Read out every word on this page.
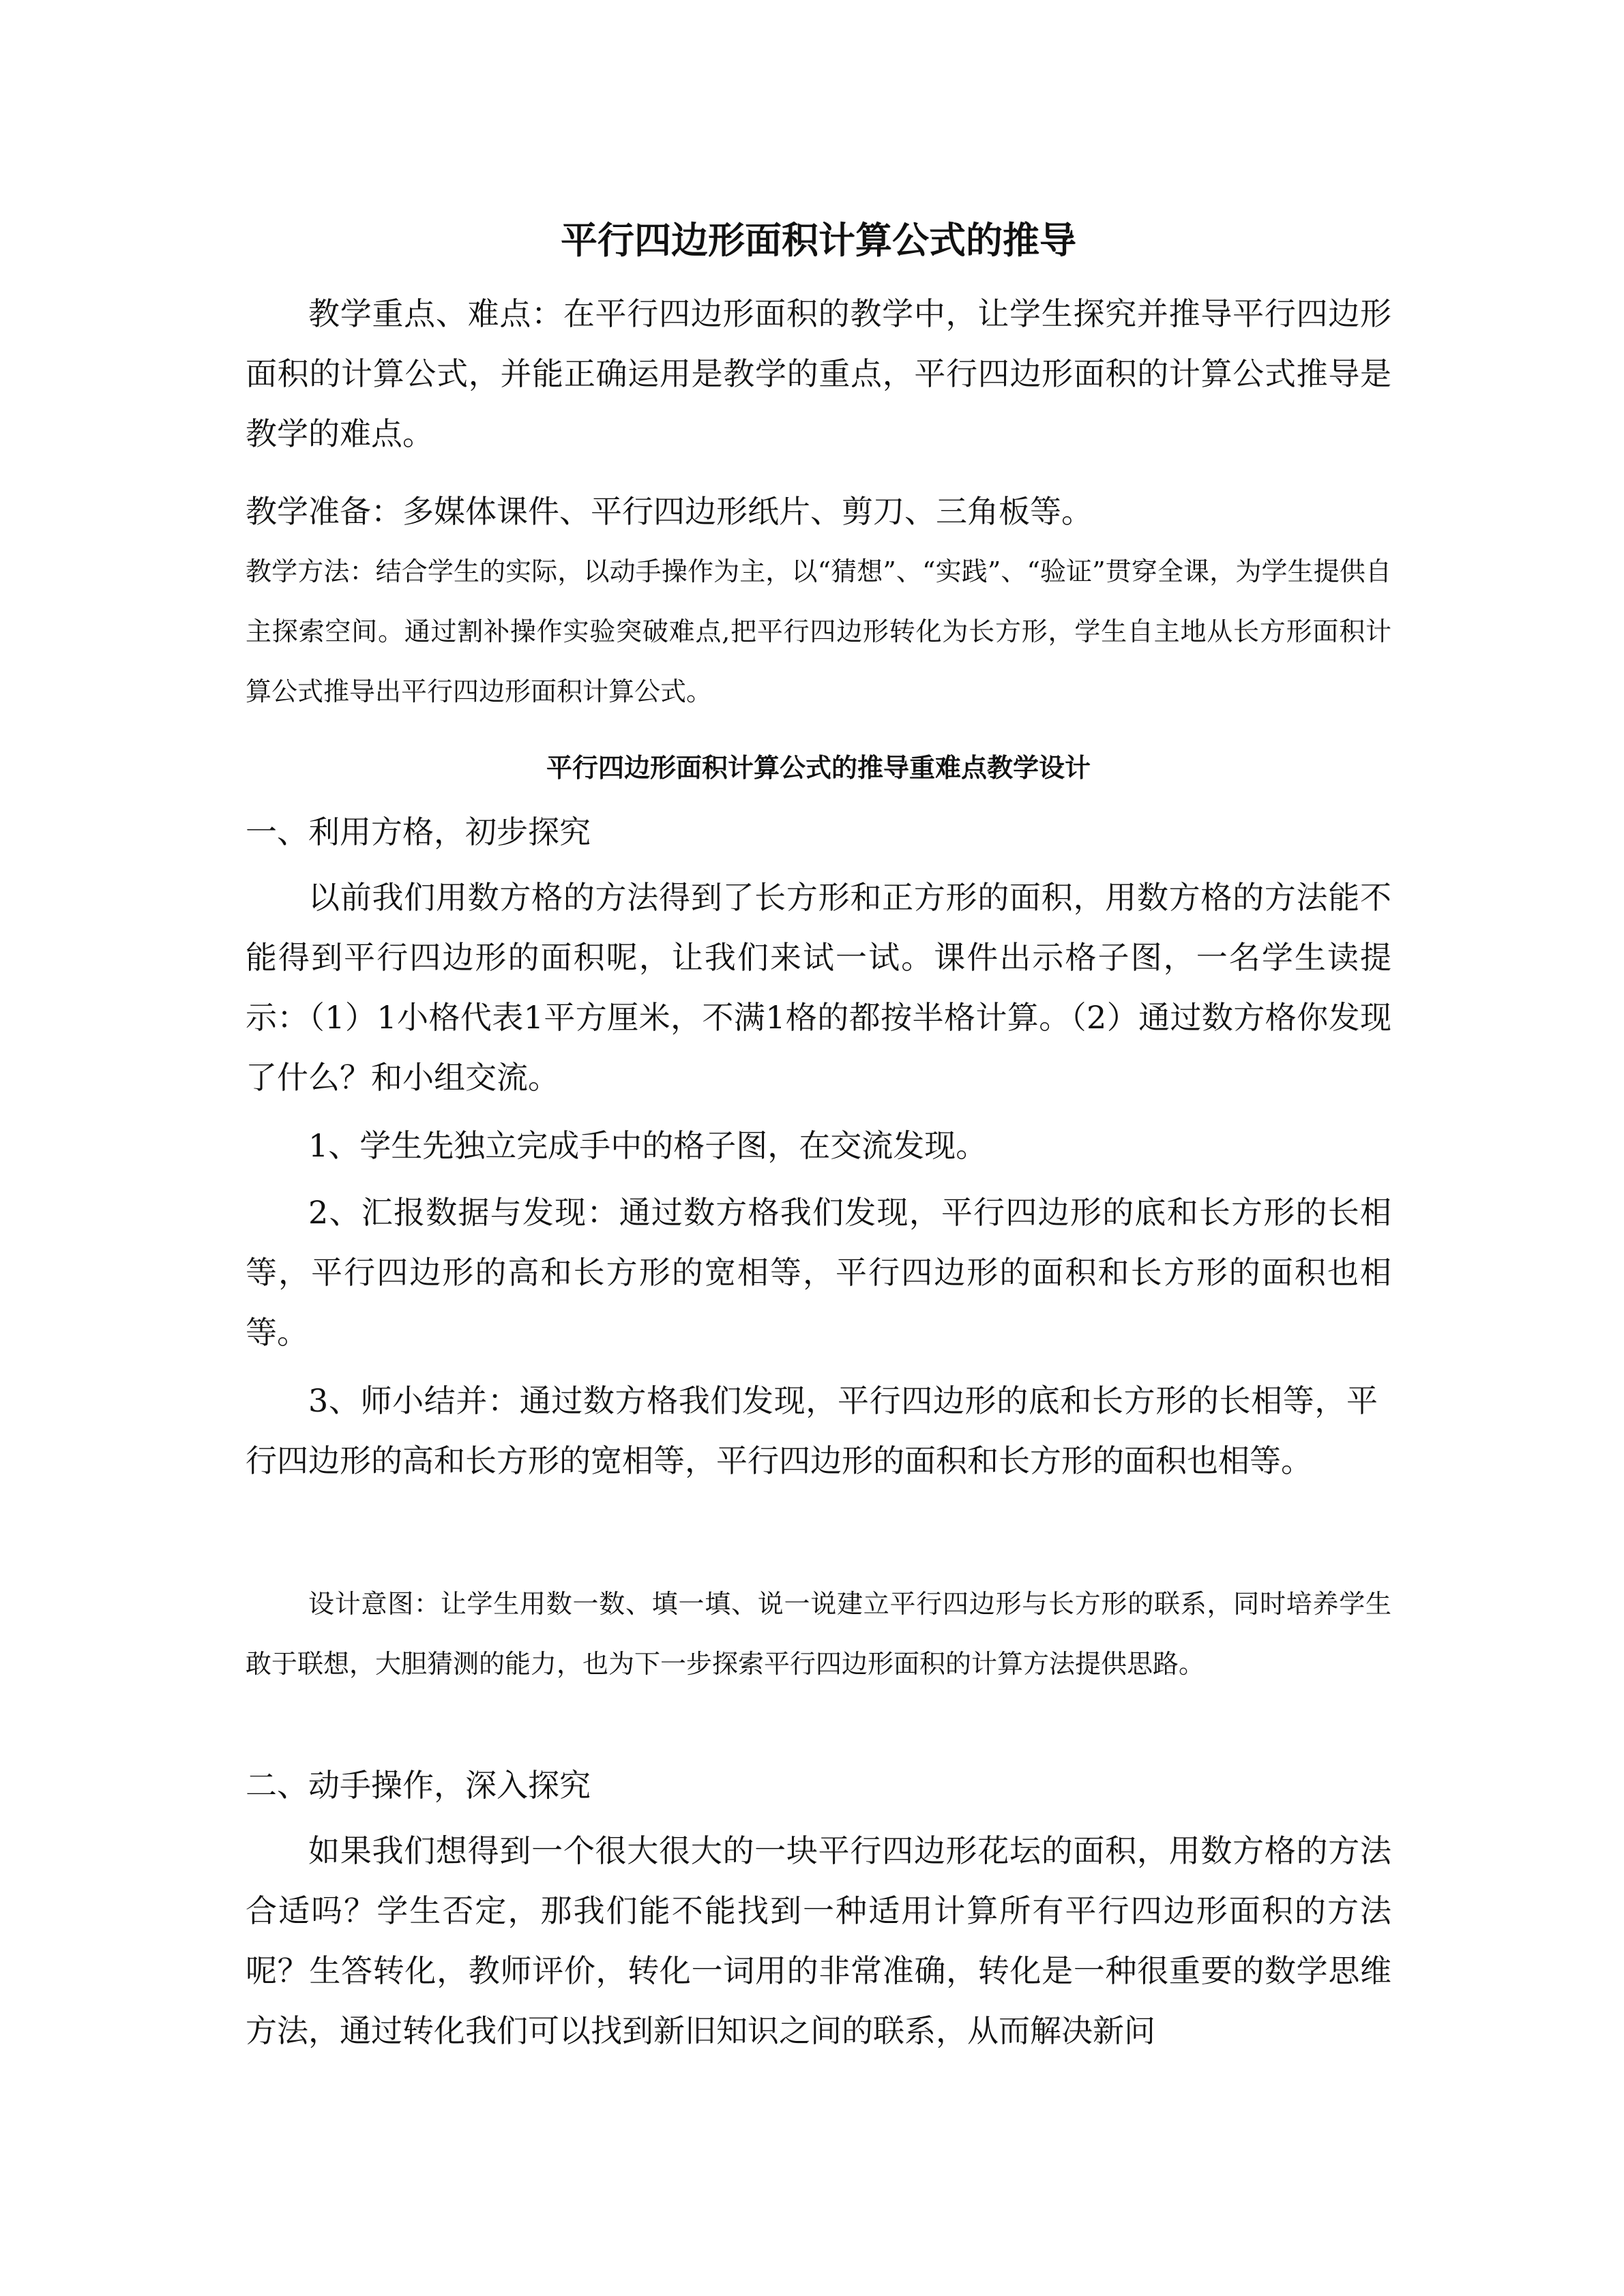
平行四边形面积计算公式的推导
教学重点、难点：在平行四边形面积的教学中，让学生探究并推导平行四边形面积的计算公式，并能正确运用是教学的重点，平行四边形面积的计算公式推导是教学的难点。
教学准备：多媒体课件、平行四边形纸片、剪刀、三角板等。
教学方法：结合学生的实际，以动手操作为主，以“猜想”、“实践”、“验证”贯穿全课，为学生提供自主探索空间。通过割补操作实验突破难点,把平行四边形转化为长方形，学生自主地从长方形面积计算公式推导出平行四边形面积计算公式。
平行四边形面积计算公式的推导重难点教学设计
一、利用方格，初步探究
以前我们用数方格的方法得到了长方形和正方形的面积，用数方格的方法能不能得到平行四边形的面积呢，让我们来试一试。课件出示格子图，一名学生读提示：（1）1小格代表1平方厘米，不满1格的都按半格计算。（2）通过数方格你发现了什么？和小组交流。
1、学生先独立完成手中的格子图，在交流发现。
2、汇报数据与发现：通过数方格我们发现，平行四边形的底和长方形的长相等，平行四边形的高和长方形的宽相等，平行四边形的面积和长方形的面积也相等。
3、师小结并：通过数方格我们发现，平行四边形的底和长方形的长相等，平行四边形的高和长方形的宽相等，平行四边形的面积和长方形的面积也相等。
设计意图：让学生用数一数、填一填、说一说建立平行四边形与长方形的联系，同时培养学生敢于联想，大胆猜测的能力，也为下一步探索平行四边形面积的计算方法提供思路。
二、动手操作，深入探究
如果我们想得到一个很大很大的一块平行四边形花坛的面积，用数方格的方法合适吗？学生否定，那我们能不能找到一种适用计算所有平行四边形面积的方法呢？生答转化，教师评价，转化一词用的非常准确，转化是一种很重要的数学思维方法，通过转化我们可以找到新旧知识之间的联系，从而解决新问
